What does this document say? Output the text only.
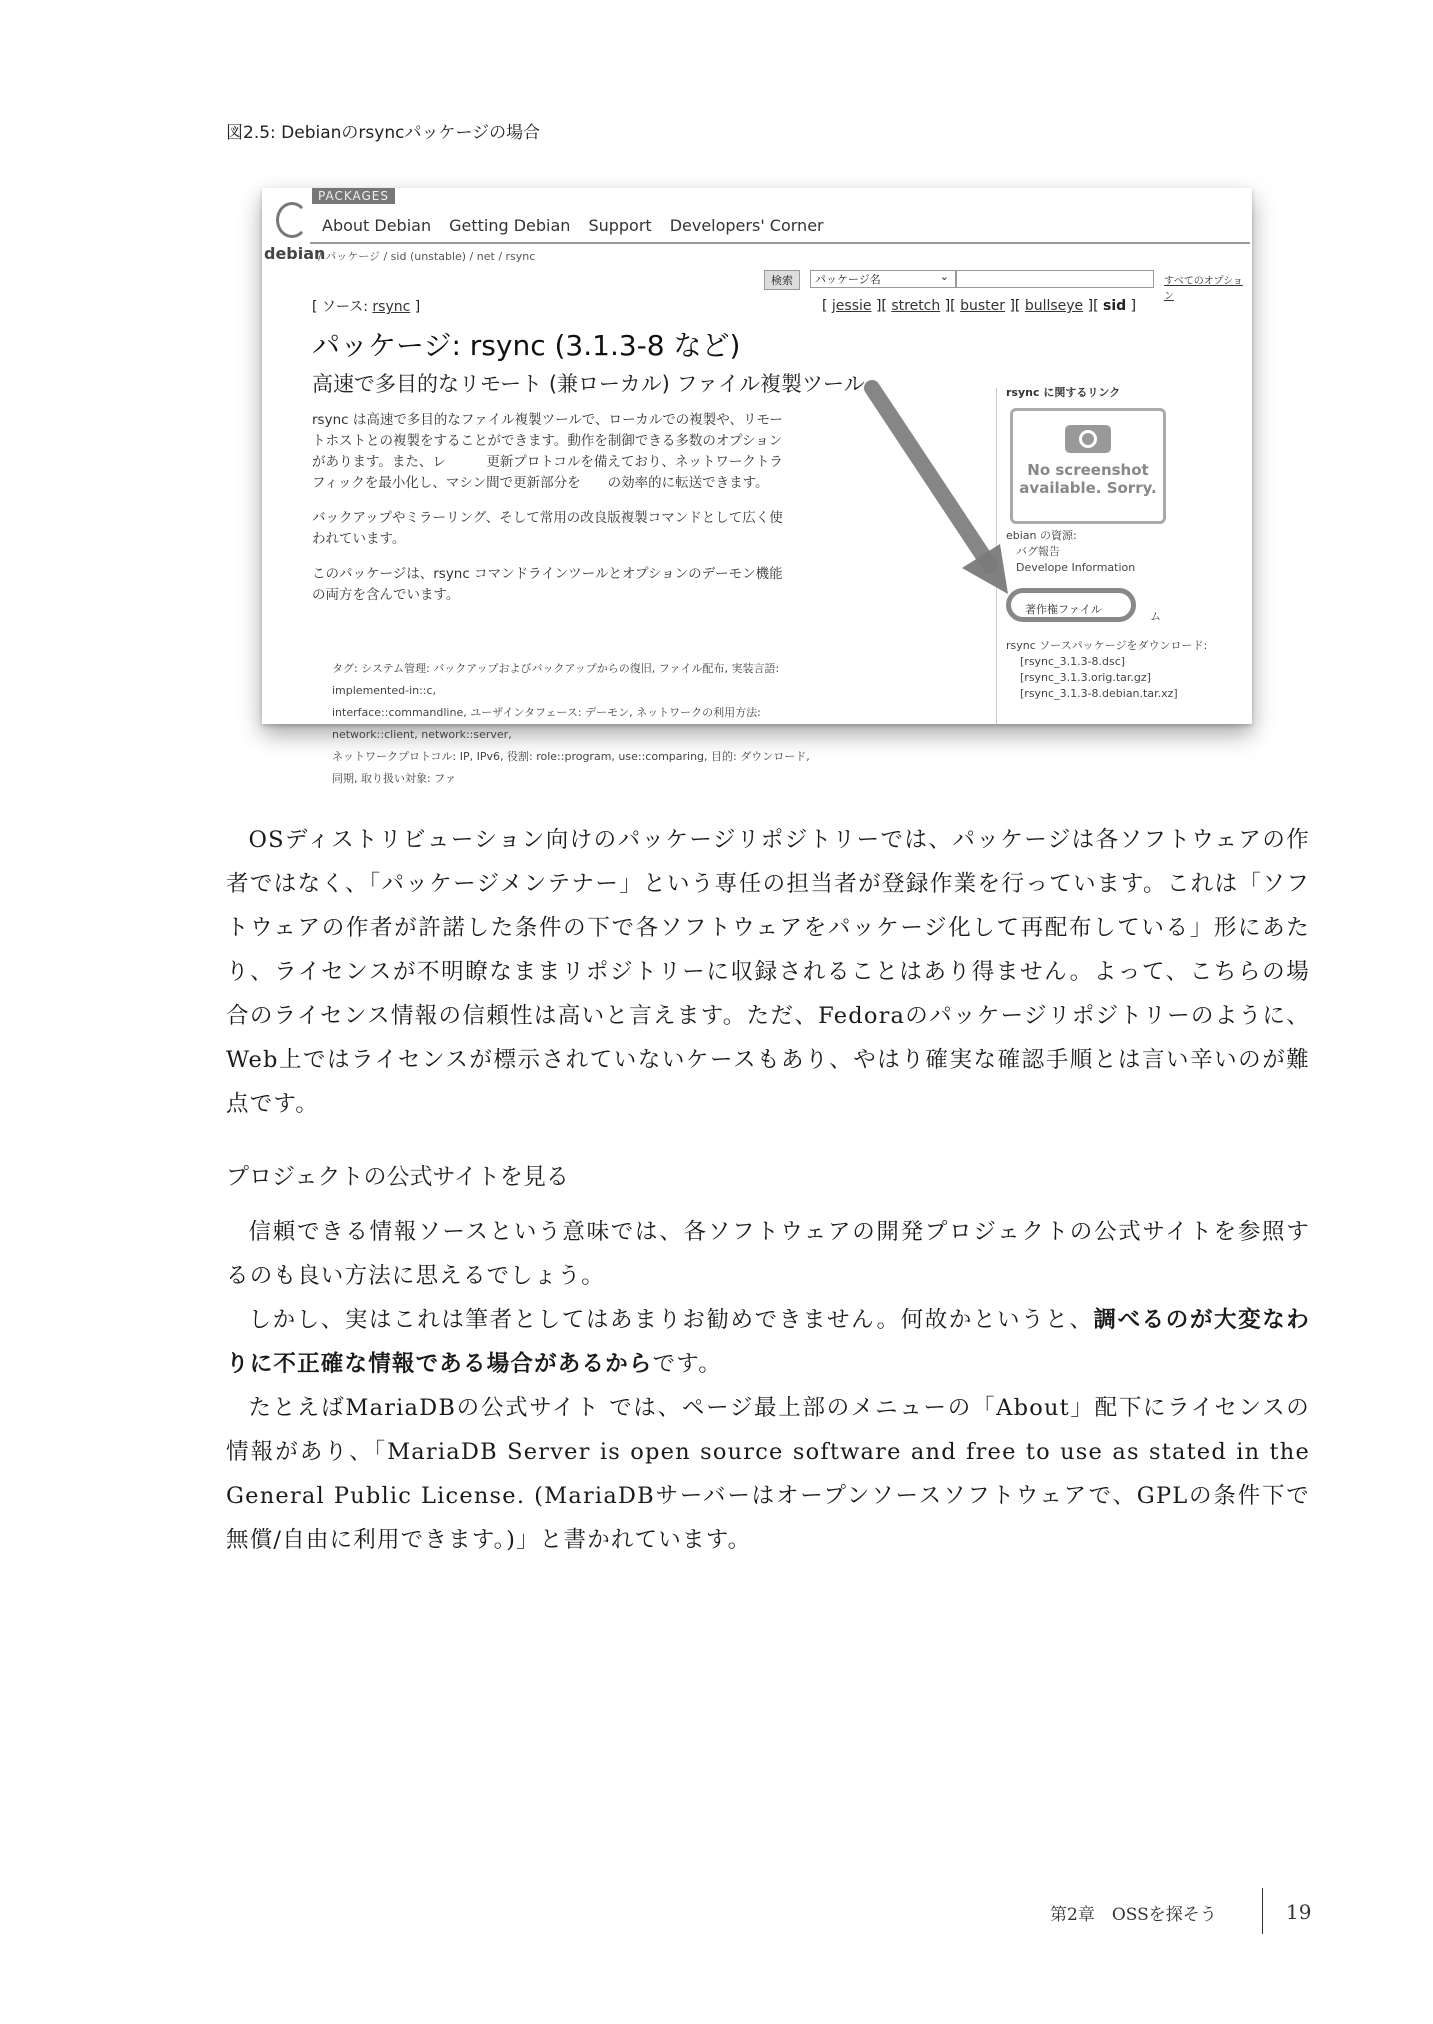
図2.5: Debianのrsyncパッケージの場合
PACKAGES
debian
About Debian Getting Debian Support Developers' Corner
/ パッケージ / sid (unstable) / net / rsync
検索	パッケージ名	⌄	すべてのオプション
[ ソース: rsync ]	[ jessie ][ stretch ][ buster ][ bullseye ][ sid ]
パッケージ: rsync (3.1.3-8 など)
高速で多目的なリモート (兼ローカル) ファイル複製ツール

rsync は高速で多目的なファイル複製ツールで、ローカルでの複製や、リモートホストとの複製をすることができます。動作を制御できる多数のオプションがあります。また、レ　　　更新プロトコルを備えており、ネットワークトラフィックを最小化し、マシン間で更新部分を　　の効率的に転送できます。

バックアップやミラーリング、そして常用の改良版複製コマンドとして広く使われています。

このパッケージは、rsync コマンドラインツールとオプションのデーモン機能の両方を含んでいます。

タグ: システム管理: バックアップおよびバックアップからの復旧, ファイル配布, 実装言語: implemented-in::c,
interface::commandline, ユーザインタフェース: デーモン, ネットワークの利用方法: network::client, network::server,
ネットワークプロトコル: IP, IPv6, 役割: role::program, use::comparing, 目的: ダウンロード, 同期, 取り扱い対象: ファ
rsync に関するリンク
No screenshot
available. Sorry.
ebian の資源:
バグ報告
Develope Information
著作権ファイル
ム
rsync ソースパッケージをダウンロード:
[rsync_3.1.3-8.dsc]
[rsync_3.1.3.orig.tar.gz]
[rsync_3.1.3-8.debian.tar.xz]

OSディストリビューション向けのパッケージリポジトリーでは、パッケージは各ソフトウェアの作者ではなく、「パッケージメンテナー」という専任の担当者が登録作業を行っています。これは「ソフトウェアの作者が許諾した条件の下で各ソフトウェアをパッケージ化して再配布している」形にあたり、ライセンスが不明瞭なままリポジトリーに収録されることはあり得ません。よって、こちらの場合のライセンス情報の信頼性は高いと言えます。ただ、Fedoraのパッケージリポジトリーのように、Web上ではライセンスが標示されていないケースもあり、やはり確実な確認手順とは言い辛いのが難点です。

プロジェクトの公式サイトを見る

信頼できる情報ソースという意味では、各ソフトウェアの開発プロジェクトの公式サイトを参照するのも良い方法に思えるでしょう。

しかし、実はこれは筆者としてはあまりお勧めできません。何故かというと、調べるのが大変なわりに不正確な情報である場合があるからです。

たとえばMariaDBの公式サイト では、ページ最上部のメニューの「About」配下にライセンスの情報があり、「MariaDB Server is open source software and free to use as stated in the General Public License. (MariaDBサーバーはオープンソースソフトウェアで、GPLの条件下で無償/自由に利用できます。)」と書かれています。

第2章　OSSを探そう	19
